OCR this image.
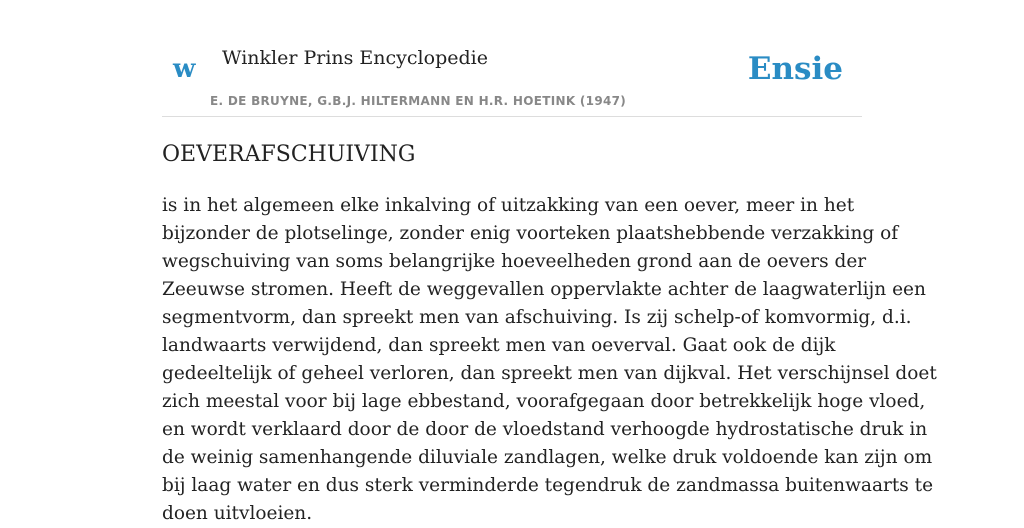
w Winkler Prins Encyclopedie
E. DE BRUYNE, G.B.J. HILTERMANN EN H.R. HOETINK (1947)
Ensie
OEVERAFSCHUIVING
is in het algemeen elke inkalving of uitzakking van een oever, meer in het
bijzonder de plotselinge, zonder enig voorteken plaatshebbende verzakking of
wegschuiving van soms belangrijke hoeveelheden grond aan de oevers der
Zeeuwse stromen. Heeft de weggevallen oppervlakte achter de laagwaterlijn een
segmentvorm, dan spreekt men van afschuiving. Is zij schelp-of komvormig, d.i.
landwaarts verwijdend, dan spreekt men van oeverval. Gaat ook de dijk
gedeeltelijk of geheel verloren, dan spreekt men van dijkval. Het verschijnsel doet
zich meestal voor bij lage ebbestand, voorafgegaan door betrekkelijk hoge vloed,
en wordt verklaard door de door de vloedstand verhoogde hydrostatische druk in
de weinig samenhangende diluviale zandlagen, welke druk voldoende kan zijn om
bij laag water en dus sterk verminderde tegendruk de zandmassa buitenwaarts te
doen uitvloeien.
